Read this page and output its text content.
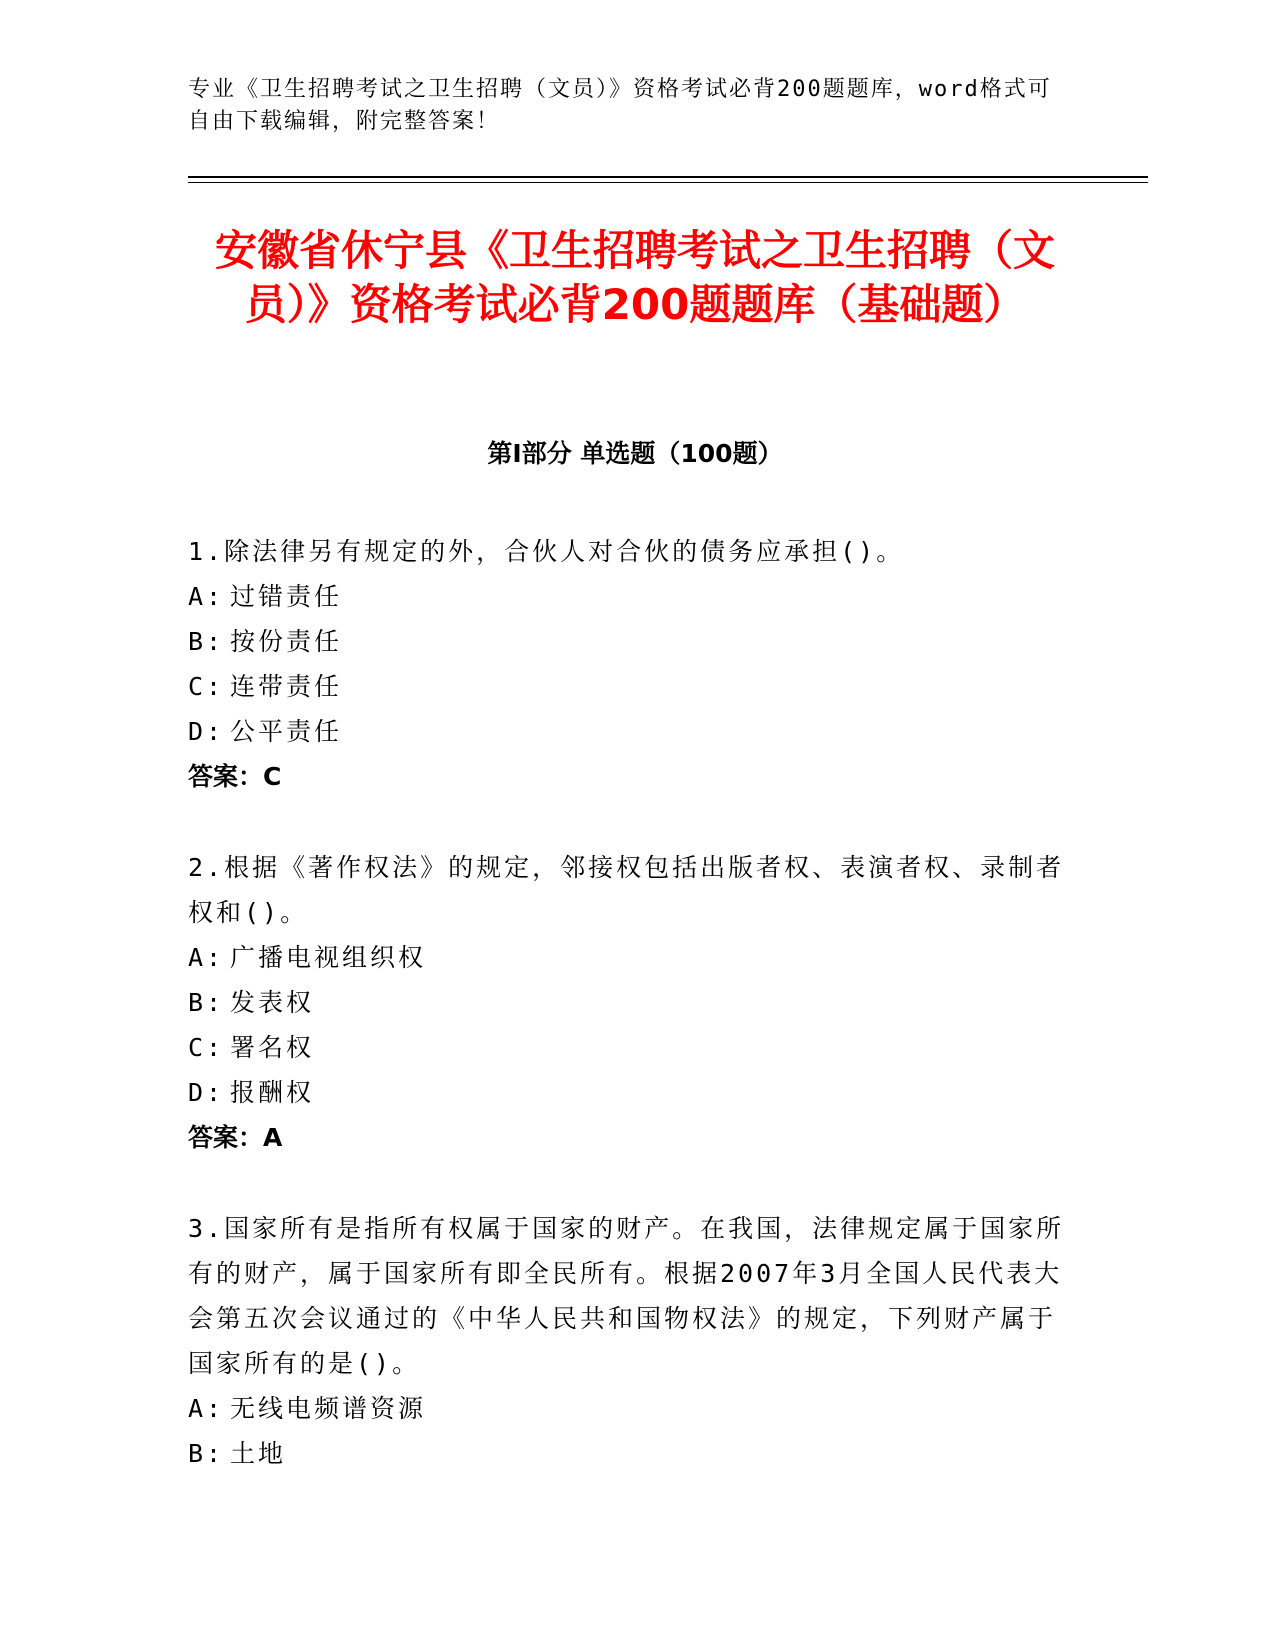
专业《卫生招聘考试之卫生招聘（文员）》资格考试必背200题题库，word格式可自由下载编辑，附完整答案！
安徽省休宁县《卫生招聘考试之卫生招聘（文员）》资格考试必背200题题库（基础题）
第Ⅰ部分 单选题（100题）
1.除法律另有规定的外，合伙人对合伙的债务应承担()。
A: 过错责任
B: 按份责任
C: 连带责任
D: 公平责任
答案：C
2.根据《著作权法》的规定，邻接权包括出版者权、表演者权、录制者权和()。
A: 广播电视组织权
B: 发表权
C: 署名权
D: 报酬权
答案：A
3.国家所有是指所有权属于国家的财产。在我国，法律规定属于国家所有的财产，属于国家所有即全民所有。根据2007年3月全国人民代表大会第五次会议通过的《中华人民共和国物权法》的规定，下列财产属于国家所有的是()。
A: 无线电频谱资源
B: 土地
